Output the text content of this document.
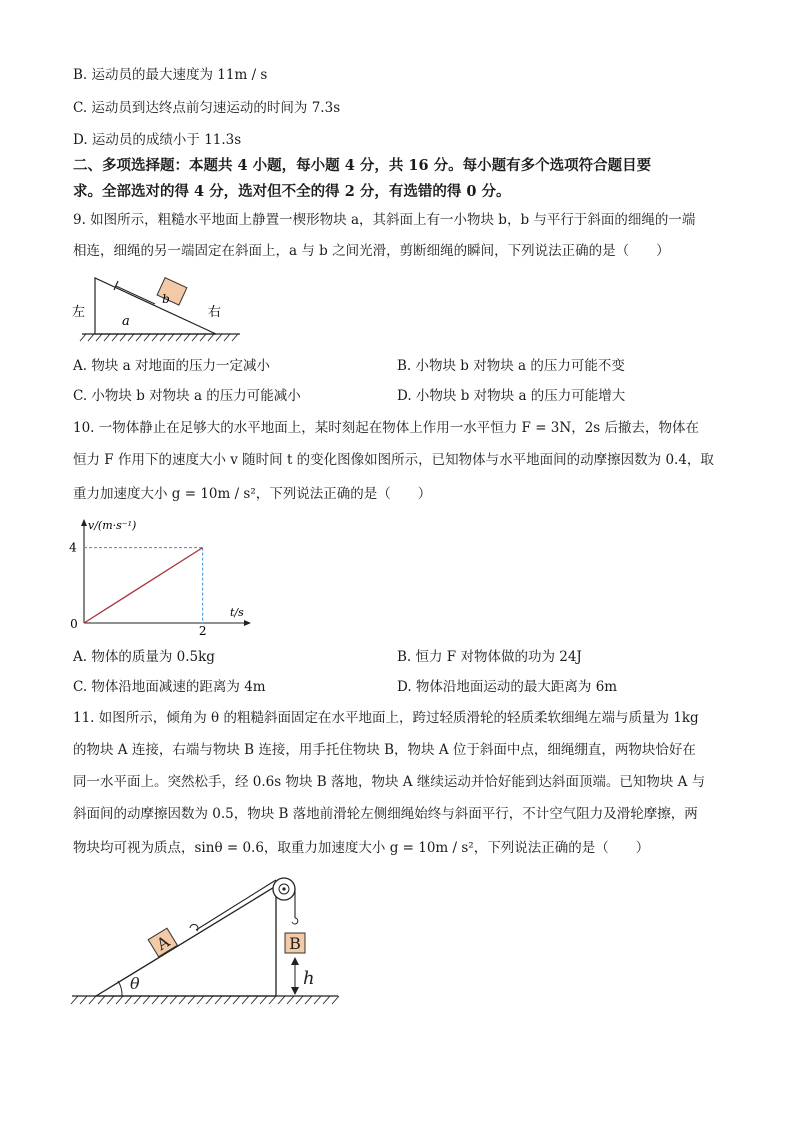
B. 运动员的最大速度为 11m / s
C. 运动员到达终点前匀速运动的时间为 7.3s
D. 运动员的成绩小于 11.3s
二、多项选择题：本题共 4 小题，每小题 4 分，共 16 分。每小题有多个选项符合题目要
求。全部选对的得 4 分，选对但不全的得 2 分，有选错的得 0 分。
9. 如图所示，粗糙水平地面上静置一楔形物块 a，其斜面上有一小物块 b，b 与平行于斜面的细绳的一端
相连，细绳的另一端固定在斜面上，a 与 b 之间光滑，剪断细绳的瞬间，下列说法正确的是（　　）
b
左	右
a
A. 物块 a 对地面的压力一定减小	B. 小物块 b 对物块 a 的压力可能不变
C. 小物块 b 对物块 a 的压力可能减小	D. 小物块 b 对物块 a 的压力可能增大
10. 一物体静止在足够大的水平地面上，某时刻起在物体上作用一水平恒力 F = 3N，2s 后撤去，物体在
恒力 F 作用下的速度大小 v 随时间 t 的变化图像如图所示，已知物体与水平地面间的动摩擦因数为 0.4，取
重力加速度大小 g = 10m / s²，下列说法正确的是（　　）
v/(m·s⁻¹)
t/s
4
2
0
A. 物体的质量为 0.5kg	B. 恒力 F 对物体做的功为 24J
C. 物体沿地面减速的距离为 4m	D. 物体沿地面运动的最大距离为 6m
11. 如图所示，倾角为 θ 的粗糙斜面固定在水平地面上，跨过轻质滑轮的轻质柔软细绳左端与质量为 1kg
的物块 A 连接，右端与物块 B 连接，用手托住物块 B，物块 A 位于斜面中点，细绳绷直，两物块恰好在
同一水平面上。突然松手，经 0.6s 物块 B 落地，物块 A 继续运动并恰好能到达斜面顶端。已知物块 A 与
斜面间的动摩擦因数为 0.5，物块 B 落地前滑轮左侧细绳始终与斜面平行，不计空气阻力及滑轮摩擦，两
物块均可视为质点，sinθ = 0.6，取重力加速度大小 g = 10m / s²，下列说法正确的是（　　）
A	B
h
θ
